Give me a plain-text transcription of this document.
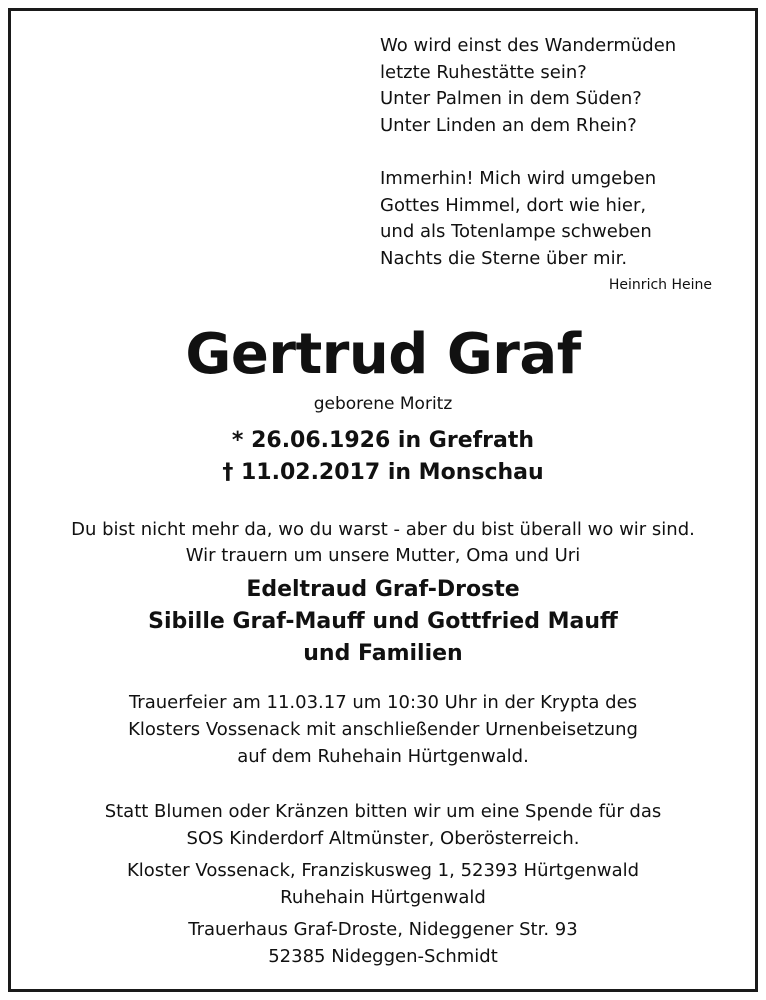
Wo wird einst des Wandermüden
letzte Ruhestätte sein?
Unter Palmen in dem Süden?
Unter Linden an dem Rhein?
Immerhin! Mich wird umgeben
Gottes Himmel, dort wie hier,
und als Totenlampe schweben
Nachts die Sterne über mir.
Heinrich Heine
Gertrud Graf
geborene Moritz
* 26.06.1926 in Grefrath
† 11.02.2017 in Monschau
Du bist nicht mehr da, wo du warst - aber du bist überall wo wir sind.
Wir trauern um unsere Mutter, Oma und Uri
Edeltraud Graf-Droste
Sibille Graf-Mauff und Gottfried Mauff
und Familien
Trauerfeier am 11.03.17 um 10:30 Uhr in der Krypta des
Klosters Vossenack mit anschließender Urnenbeisetzung
auf dem Ruhehain Hürtgenwald.
Statt Blumen oder Kränzen bitten wir um eine Spende für das
SOS Kinderdorf Altmünster, Oberösterreich.
Kloster Vossenack, Franziskusweg 1, 52393 Hürtgenwald
Ruhehain Hürtgenwald
Trauerhaus Graf-Droste, Nideggener Str. 93
52385 Nideggen-Schmidt
